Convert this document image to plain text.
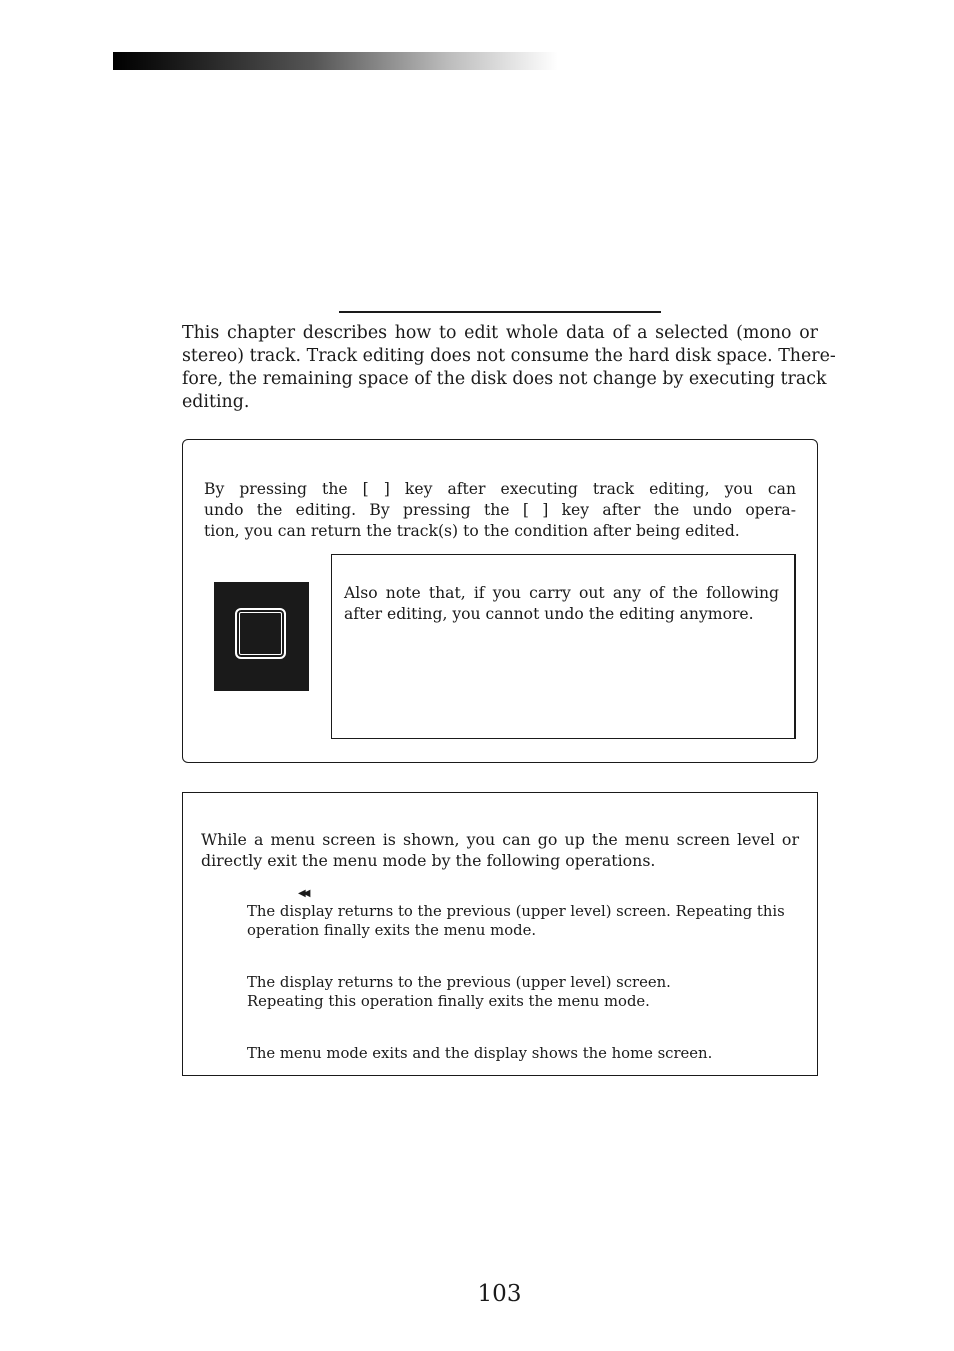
This chapter describes how to edit whole data of a selected (mono or
stereo) track. Track editing does not consume the hard disk space. There-
fore, the remaining space of the disk does not change by executing track
editing.

By pressing the [ ] key after executing track editing, you can
undo the editing. By pressing the [ ] key after the undo opera-
tion, you can return the track(s) to the condition after being edited.

Also note that, if you carry out any of the following
after editing, you cannot undo the editing anymore.

While a menu screen is shown, you can go up the menu screen level or
directly exit the menu mode by the following operations.

◀◀

The display returns to the previous (upper level) screen. Repeating this
operation finally exits the menu mode.

The display returns to the previous (upper level) screen.
Repeating this operation finally exits the menu mode.

The menu mode exits and the display shows the home screen.

103
